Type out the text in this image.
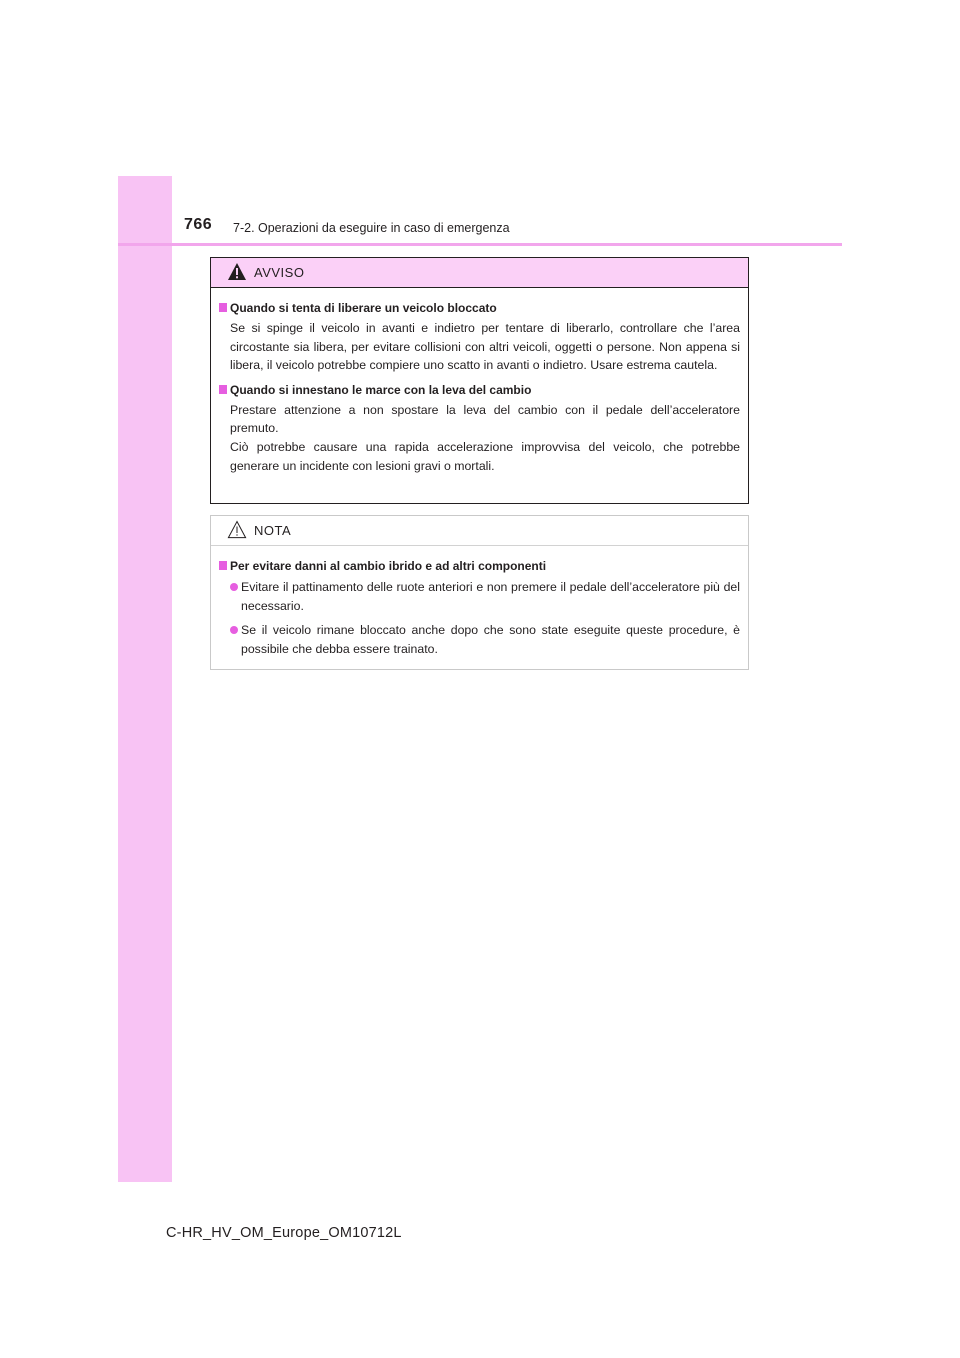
766 7-2. Operazioni da eseguire in caso di emergenza
AVVISO
Quando si tenta di liberare un veicolo bloccato
Se si spinge il veicolo in avanti e indietro per tentare di liberarlo, controllare che l’area circostante sia libera, per evitare collisioni con altri veicoli, oggetti o persone. Non appena si libera, il veicolo potrebbe compiere uno scatto in avanti o indietro. Usare estrema cautela.
Quando si innestano le marce con la leva del cambio
Prestare attenzione a non spostare la leva del cambio con il pedale dell’acceleratore premuto.
Ciò potrebbe causare una rapida accelerazione improvvisa del veicolo, che potrebbe generare un incidente con lesioni gravi o mortali.
NOTA
Per evitare danni al cambio ibrido e ad altri componenti
Evitare il pattinamento delle ruote anteriori e non premere il pedale dell’acceleratore più del necessario.
Se il veicolo rimane bloccato anche dopo che sono state eseguite queste procedure, è possibile che debba essere trainato.
C-HR_HV_OM_Europe_OM10712L
